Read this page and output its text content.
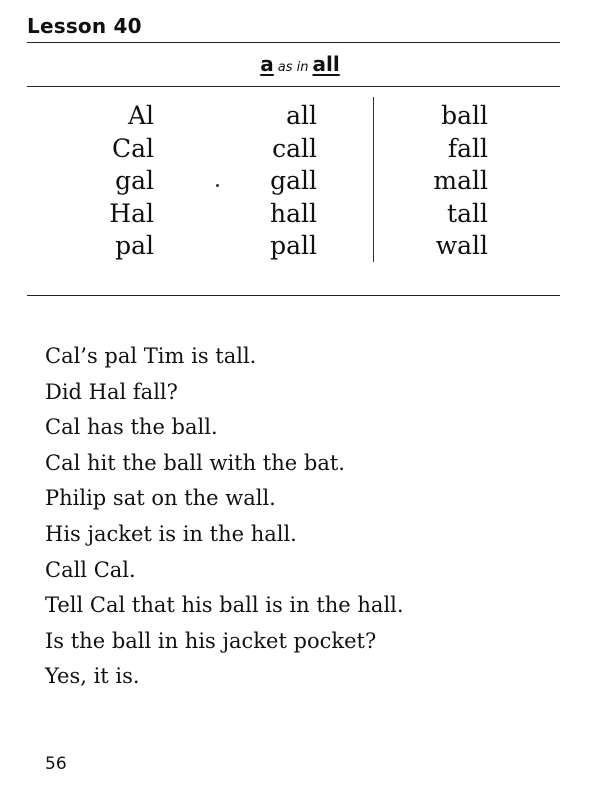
Lesson 40
aas in all
Al
Cal
gal
Hal
pal
all
call
gall
hall
pall
ball
fall
mall
tall
wall
Cal’s pal Tim is tall.
Did Hal fall?
Cal has the ball.
Cal hit the ball with the bat.
Philip sat on the wall.
His jacket is in the hall.
Call Cal.
Tell Cal that his ball is in the hall.
Is the ball in his jacket pocket?
Yes, it is.
56
